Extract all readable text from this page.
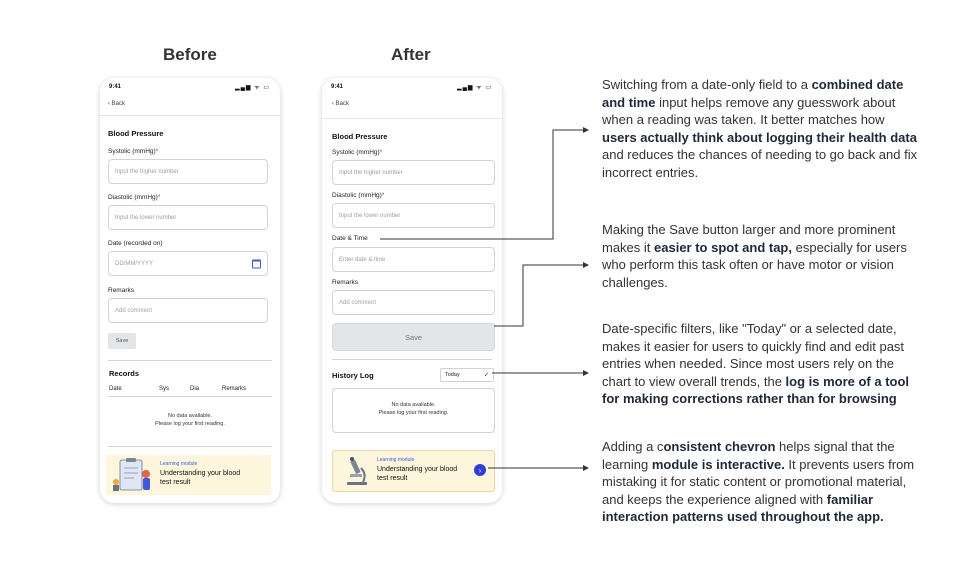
Before	After
9:41	▂▄▆ ᯤ ▭
‹ Back
Blood Pressure
Systolic (mmHg)*
Input the higher number
Diastolic (mmHg)*
Input the lower number
Date (recorded on)
DD/MM/YYYY
Remarks
Add comment
Save
Records
Date	Sys	Dia	Remarks
No data available.
Please log your first reading.
Learning module
Understanding your blood
test result
9:41	▂▄▆ ᯤ ▭
‹ Back
Blood Pressure
Systolic (mmHg)*
Input the higher number
Diastolic (mmHg)*
Input the lower number
Date & Time
Enter date & time
Remarks
Add comment
Save
History Log	Today	✓
No data available.
Please log your first reading.
Learning module
Understanding your blood
test result
›
Switching from a date-only field to a combined date and time input helps remove any guesswork about when a reading was taken. It better matches how users actually think about logging their health data and reduces the chances of needing to go back and fix incorrect entries.
Making the Save button larger and more prominent makes it easier to spot and tap, especially for users who perform this task often or have motor or vision challenges.
Date-specific filters, like "Today" or a selected date, makes it easier for users to quickly find and edit past entries when needed. Since most users rely on the chart to view overall trends, the log is more of a tool for making corrections rather than for browsing
Adding a consistent chevron helps signal that the learning module is interactive. It prevents users from mistaking it for static content or promotional material, and keeps the experience aligned with familiar interaction patterns used throughout the app.
